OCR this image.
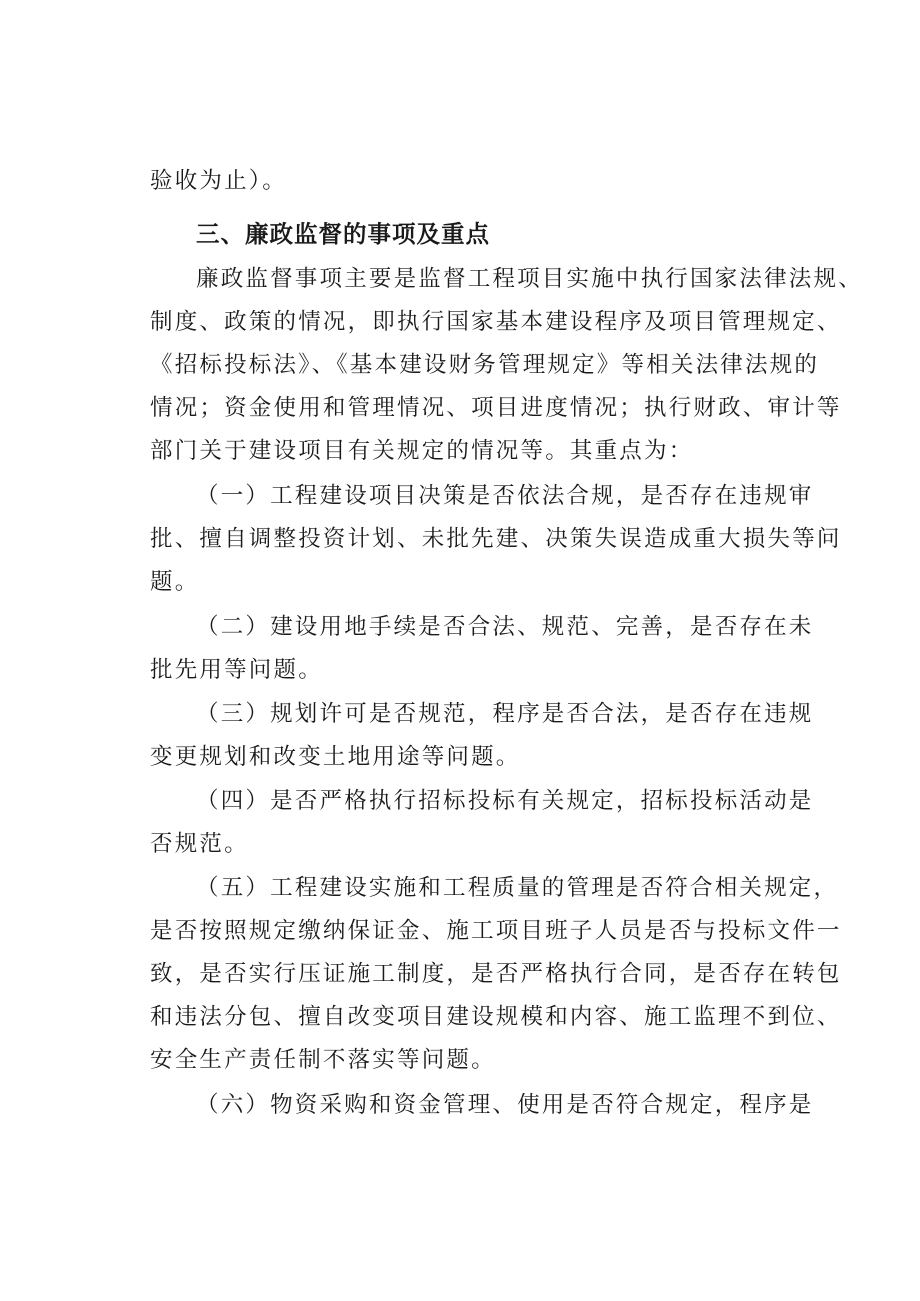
验收为止）。
三、廉政监督的事项及重点
廉政监督事项主要是监督工程项目实施中执行国家法律法规、
制度、政策的情况，即执行国家基本建设程序及项目管理规定、
《招标投标法》、《基本建设财务管理规定》等相关法律法规的
情况；资金使用和管理情况、项目进度情况；执行财政、审计等
部门关于建设项目有关规定的情况等。其重点为：
（一）工程建设项目决策是否依法合规，是否存在违规审
批、擅自调整投资计划、未批先建、决策失误造成重大损失等问
题。
（二）建设用地手续是否合法、规范、完善，是否存在未
批先用等问题。
（三）规划许可是否规范，程序是否合法，是否存在违规
变更规划和改变土地用途等问题。
（四）是否严格执行招标投标有关规定，招标投标活动是
否规范。
（五）工程建设实施和工程质量的管理是否符合相关规定，
是否按照规定缴纳保证金、施工项目班子人员是否与投标文件一
致，是否实行压证施工制度，是否严格执行合同，是否存在转包
和违法分包、擅自改变项目建设规模和内容、施工监理不到位、
安全生产责任制不落实等问题。
（六）物资采购和资金管理、使用是否符合规定，程序是
